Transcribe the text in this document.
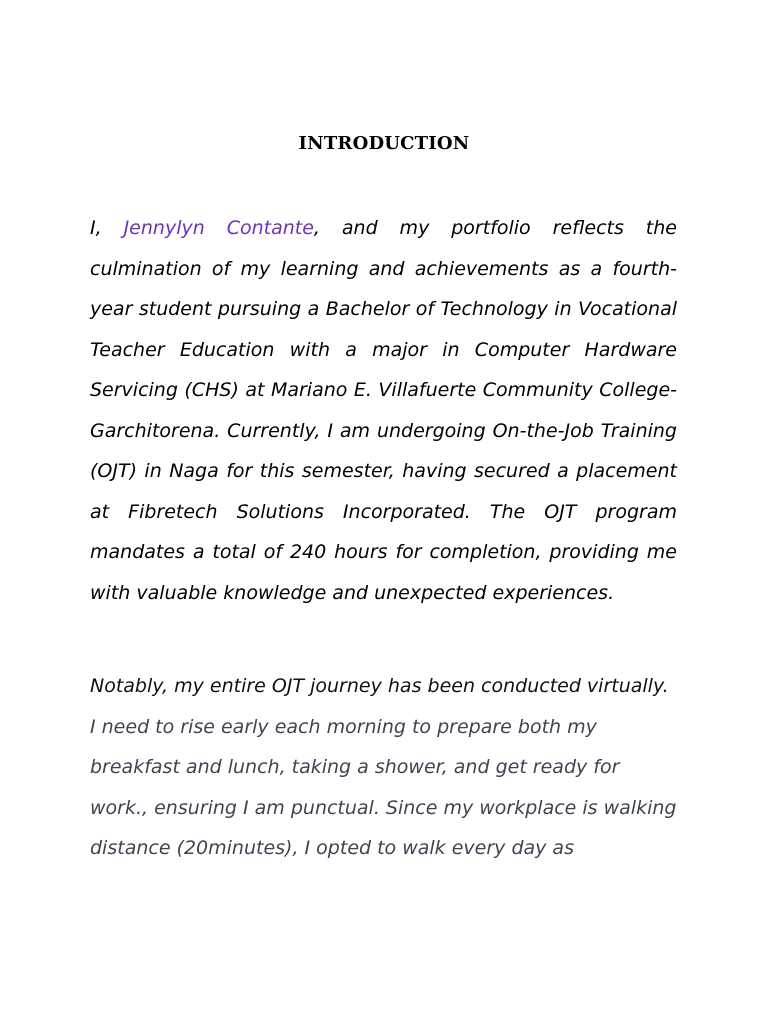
INTRODUCTION

I, Jennylyn Contante, and my portfolio reflects the culmination of my learning and achievements as a fourth-year student pursuing a Bachelor of Technology in Vocational Teacher Education with a major in Computer Hardware Servicing (CHS) at Mariano E. Villafuerte Community College-Garchitorena. Currently, I am undergoing On-the-Job Training (OJT) in Naga for this semester, having secured a placement at Fibretech Solutions Incorporated. The OJT program mandates a total of 240 hours for completion, providing me with valuable knowledge and unexpected experiences.

Notably, my entire OJT journey has been conducted virtually. I need to rise early each morning to prepare both my breakfast and lunch, taking a shower, and get ready for work., ensuring I am punctual. Since my workplace is walking distance (20minutes), I opted to walk every day as
